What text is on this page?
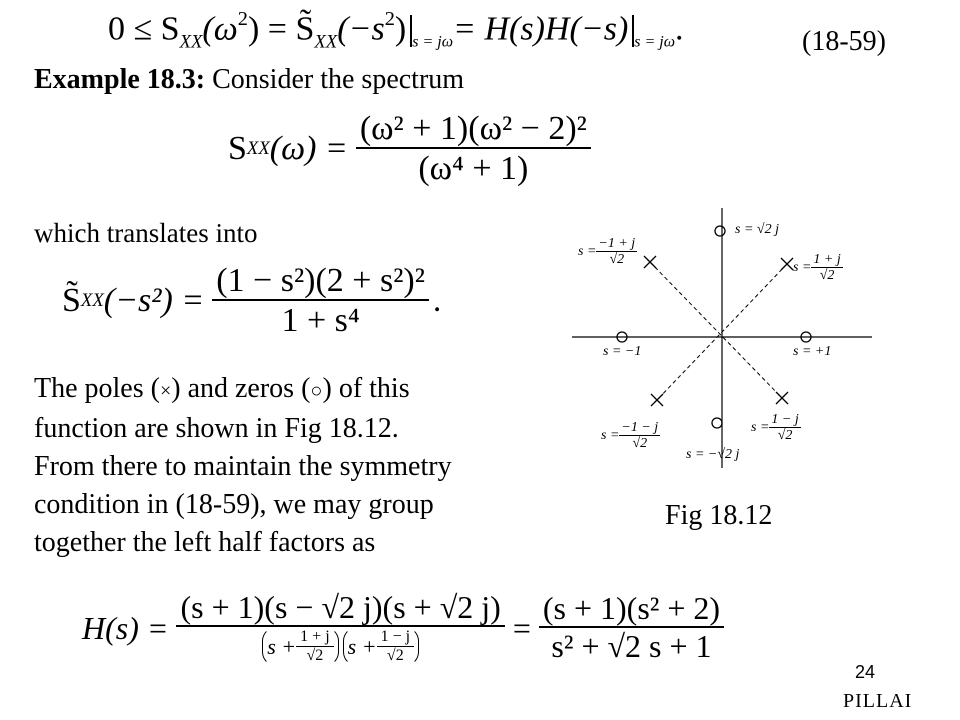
$0 \le S_{XX}(\omega^2)$ = $S̃_{XX}(-s^2)$ $_{s = j\omega}$= H(s)H(−s) $_{s = j\omega}$.	(18-59)
Example 18.3: Consider the spectrum
S XX $(\omega) = \frac{\text{(ω² + 1)(ω² − 2)²}}{\text{(ω⁴ + 1)}}$
which translates into
S̃ XX $(-s^2) = \frac{\text{(1 − s²)(2 + s²)²}}{\text{1 + s⁴}}$ .
The poles (×) and zeros (○) of this
function are shown in Fig 18.12.
From there to maintain the symmetry
condition in (18-59), we may group
together the left half factors as
s = √2 j
$s = \frac{-1 + j}{√2}$	$s = \frac{1 + j}{√2}$
s = −1	s = +1
$s = \frac{-1 - j}{√2}$
s = −√2 j
$s = \frac{1 - j}{√2}$
Fig 18.12
H(s) =
(s + 1)(s − √2 j)(s + √2 j)
$s + \frac{1 + j}{√2}$ $s + \frac{1 - j}{√2}$
= $\frac{\text{(s + 1)(s² + 2)}}{\text{s² + √2 s + 1}}$
24
PILLAI
